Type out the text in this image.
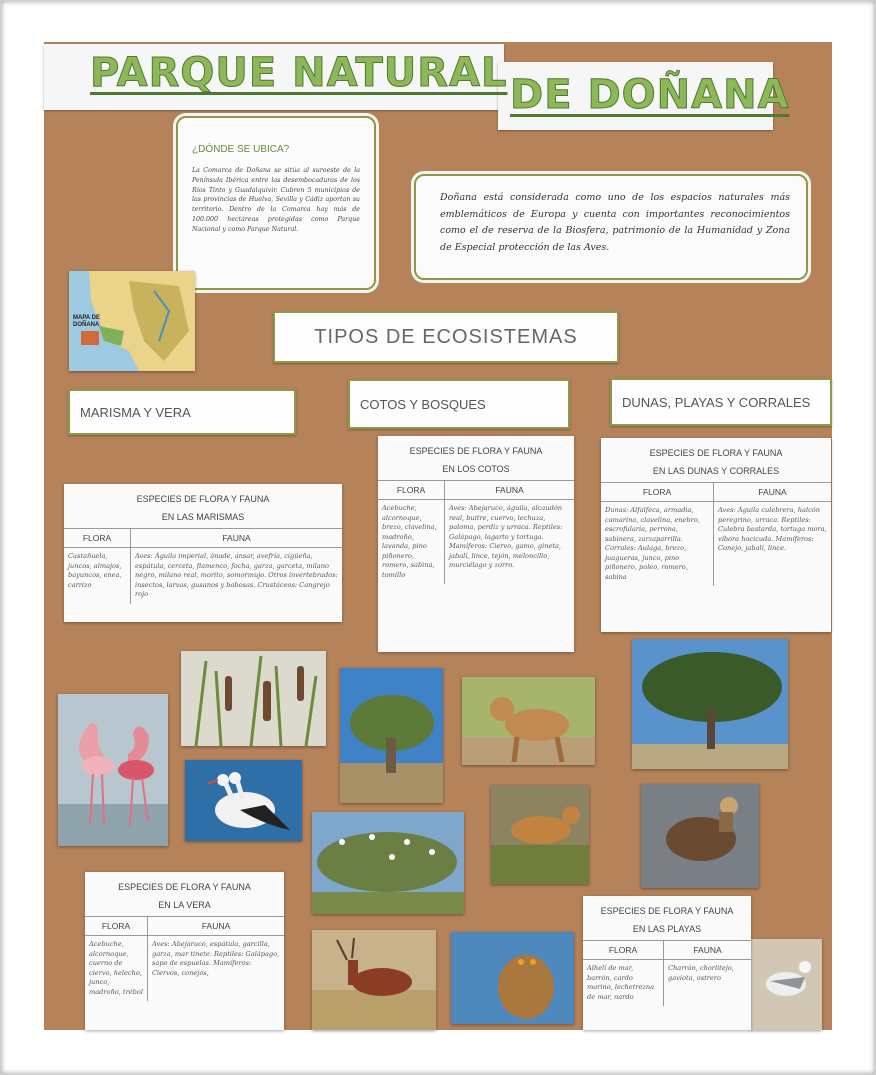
PARQUE NATURAL DE DOÑANA
¿DÓNDE SE UBICA?
La Comarca de Doñana se sitúa al suroeste de la Península Ibérica entre las desembocaduras de los Ríos Tinto y Guadalquivir. Cubren 5 municipios de las provincias de Huelva, Sevilla y Cádiz aportan su territorio. Dentro de la Comarca hay más de 100.000 hectáreas protegidas como Parque Nacional y como Parque Natural.
Doñana está considerada como uno de los espacios naturales más emblemáticos de Europa y cuenta con importantes reconocimientos como el de reserva de la Biosfera, patrimonio de la Humanidad y Zona de Especial protección de las Aves.
MAPA DE DOÑANA
TIPOS DE ECOSISTEMAS
MARISMA Y VERA
COTOS Y BOSQUES	DUNAS, PLAYAS Y CORRALES
ESPECIES DE FLORA Y FAUNA
EN LAS MARISMAS
FLORA
Castañuela, juncos, almajos, bayuncos, enea, carrizo
FAUNA
Aves: Águila imperial, ánade, ánsar, avefría, cigüeña, espátula, cerceta, flamenco, focha, garza, garceta, milano negro, milano real, morito, somormujo. Otros invertebrados: insectos, larvas, gusanos y babosas. Crustáceos: Cangrejo rojo
ESPECIES DE FLORA Y FAUNA
EN LOS COTOS
FLORA
Acebuche, alcornoque, brezo, clavelina, madroño, lavanda, pino piñonero, romero, sabina, tomillo
FAUNA
Aves: Abejaruco, águila, alcaudón real, buitre, cuervo, lechuza, paloma, perdiz y urraca. Reptiles: Galápago, lagarto y tortuga. Mamíferos: Ciervo, gamo, gineta, jabalí, lince, tejón, meloncillo, murciélago y zorro.
ESPECIES DE FLORA Y FAUNA
EN LAS DUNAS Y CORRALES
FLORA
Dunas: Alfalfeca, armadia, camarina, clavelina, enebro, escrofularia, perrona, sabinera, zarzaparrilla. Corrales: Aulaga, brezo, juagueras, junco, pino piñonero, poleo, romero, sabina
FAUNA
Aves: Águila culebrera, halcón peregrino, urraca. Reptiles: Culebra bastarda, tortuga mora, víbora hocicuda. Mamíferos: Conejo, jabalí, lince.
ESPECIES DE FLORA Y FAUNA
EN LA VERA
FLORA
Acebuche, alcornoque, cuerno de ciervo, helecho, junco, madroño, trébol
FAUNA
Aves: Abejaruco, espátula, garcilla, garza, mar tinete. Reptiles: Galápago, sapo de espuelas. Mamíferos: Ciervos, conejos,
ESPECIES DE FLORA Y FAUNA
EN LAS PLAYAS
FLORA
Alhelí de mar, barrón, cardo marino, lechetrezna de mar, nardo
FAUNA
Charrán, chorlitejo, gaviota, ostrero
